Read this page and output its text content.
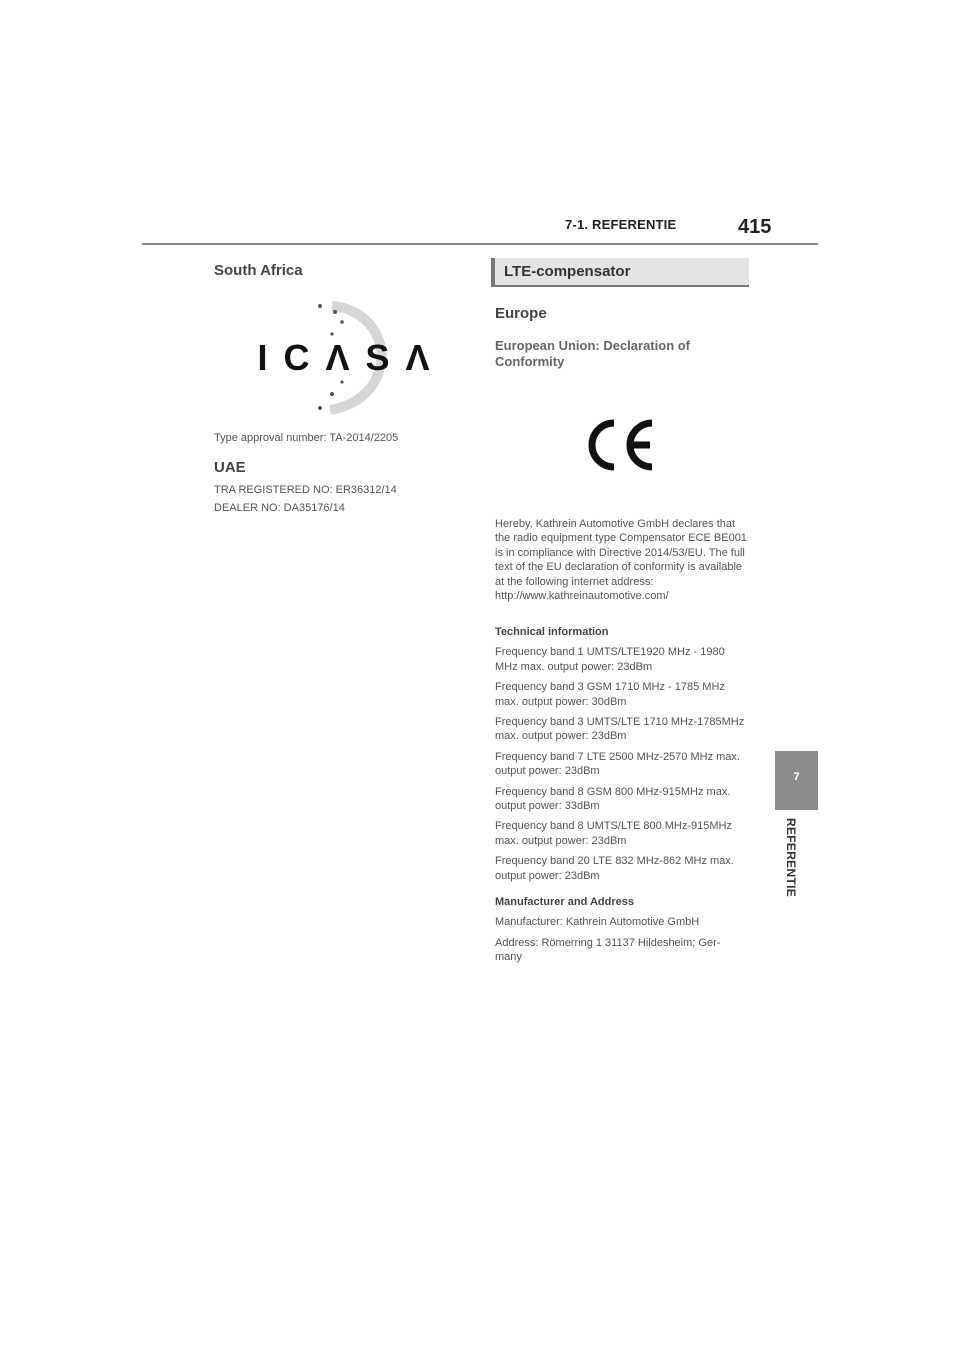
7-1. REFERENTIE	415
7
REFERENTIE
South Africa
I C Λ S Λ
Type approval number: TA-2014/2205
UAE
TRA REGISTERED NO: ER36312/14
DEALER NO: DA35176/14
LTE-compensator
Europe
European Union: Declaration of Conformity
Hereby, Kathrein Automotive GmbH declares that the radio equipment type Compensator ECE BE001 is in compliance with Directive 2014/53/EU. The full text of the EU declaration of conformity is available at the following internet address: http://www.kathreinautomotive.com/

Technical information

Frequency band 1 UMTS/LTE1920 MHz - 1980 MHz max. output power: 23dBm

Frequency band 3 GSM 1710 MHz - 1785 MHz max. output power: 30dBm

Frequency band 3 UMTS/LTE 1710 MHz-1785MHz max. output power: 23dBm

Frequency band 7 LTE 2500 MHz-2570 MHz max. output power: 23dBm

Frequency band 8 GSM 800 MHz-915MHz max. output power: 33dBm

Frequency band 8 UMTS/LTE 800 MHz-915MHz max. output power: 23dBm

Frequency band 20 LTE 832 MHz-862 MHz max. output power: 23dBm

Manufacturer and Address

Manufacturer: Kathrein Automotive GmbH

Address: Römerring 1 31137 Hildesheim; Ger-many
